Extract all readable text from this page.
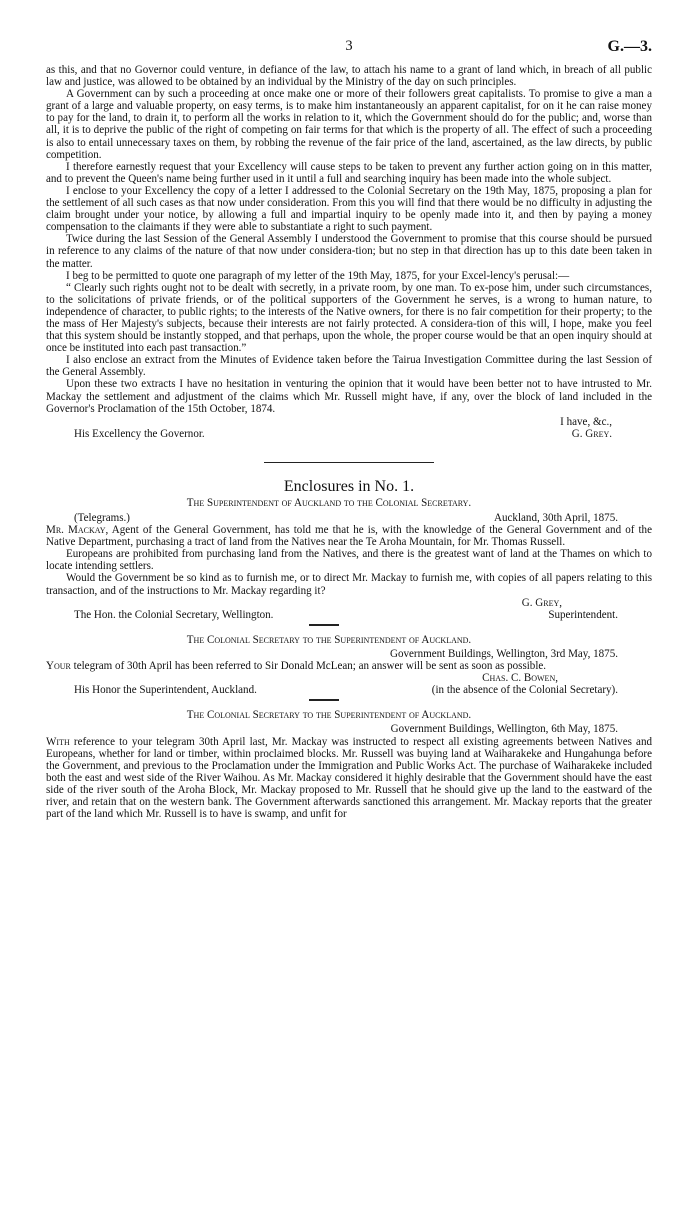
3	G.—3.

as this, and that no Governor could venture, in defiance of the law, to attach his name to a grant of land which, in breach of all public law and justice, was allowed to be obtained by an individual by the Ministry of the day on such principles.

A Government can by such a proceeding at once make one or more of their followers great capitalists. To promise to give a man a grant of a large and valuable property, on easy terms, is to make him instantaneously an apparent capitalist, for on it he can raise money to pay for the land, to drain it, to perform all the works in relation to it, which the Government should do for the public; and, worse than all, it is to deprive the public of the right of competing on fair terms for that which is the property of all. The effect of such a proceeding is also to entail unnecessary taxes on them, by robbing the revenue of the fair price of the land, ascertained, as the law directs, by public competition.

I therefore earnestly request that your Excellency will cause steps to be taken to prevent any further action going on in this matter, and to prevent the Queen's name being further used in it until a full and searching inquiry has been made into the whole subject.

I enclose to your Excellency the copy of a letter I addressed to the Colonial Secretary on the 19th May, 1875, proposing a plan for the settlement of all such cases as that now under consideration. From this you will find that there would be no difficulty in adjusting the claim brought under your notice, by allowing a full and impartial inquiry to be openly made into it, and then by paying a money compensation to the claimants if they were able to substantiate a right to such payment.

Twice during the last Session of the General Assembly I understood the Government to promise that this course should be pursued in reference to any claims of the nature of that now under considera-tion; but no step in that direction has up to this date been taken in the matter.

I beg to be permitted to quote one paragraph of my letter of the 19th May, 1875, for your Excel-lency's perusal:—

“ Clearly such rights ought not to be dealt with secretly, in a private room, by one man. To ex-pose him, under such circumstances, to the solicitations of private friends, or of the political supporters of the Government he serves, is a wrong to human nature, to independence of character, to public rights; to the interests of the Native owners, for there is no fair competition for their property; to the the mass of Her Majesty's subjects, because their interests are not fairly protected. A considera-tion of this will, I hope, make you feel that this system should be instantly stopped, and that perhaps, upon the whole, the proper course would be that an open inquiry should at once be instituted into each past transaction.”

I also enclose an extract from the Minutes of Evidence taken before the Tairua Investigation Committee during the last Session of the General Assembly.

Upon these two extracts I have no hesitation in venturing the opinion that it would have been better not to have intrusted to Mr. Mackay the settlement and adjustment of the claims which Mr. Russell might have, if any, over the block of land included in the Governor's Proclamation of the 15th October, 1874.

I have, &c.,
His Excellency the Governor.	G. Grey.
Enclosures in No. 1.
The Superintendent of Auckland to the Colonial Secretary.
(Telegrams.)	Auckland, 30th April, 1875.

Mr. Mackay, Agent of the General Government, has told me that he is, with the knowledge of the General Government and of the Native Department, purchasing a tract of land from the Natives near the Te Aroha Mountain, for Mr. Thomas Russell.

Europeans are prohibited from purchasing land from the Natives, and there is the greatest want of land at the Thames on which to locate intending settlers.

Would the Government be so kind as to furnish me, or to direct Mr. Mackay to furnish me, with copies of all papers relating to this transaction, and of the instructions to Mr. Mackay regarding it?

G. Grey,
The Hon. the Colonial Secretary, Wellington.	Superintendent.
The Colonial Secretary to the Superintendent of Auckland.
Government Buildings, Wellington, 3rd May, 1875.

Your telegram of 30th April has been referred to Sir Donald McLean; an answer will be sent as soon as possible.

Chas. C. Bowen,
His Honor the Superintendent, Auckland.	(in the absence of the Colonial Secretary).
The Colonial Secretary to the Superintendent of Auckland.
Government Buildings, Wellington, 6th May, 1875.

With reference to your telegram 30th April last, Mr. Mackay was instructed to respect all existing agreements between Natives and Europeans, whether for land or timber, within proclaimed blocks. Mr. Russell was buying land at Waiharakeke and Hungahunga before the Government, and previous to the Proclamation under the Immigration and Public Works Act. The purchase of Waiharakeke included both the east and west side of the River Waihou. As Mr. Mackay considered it highly desirable that the Government should have the east side of the river south of the Aroha Block, Mr. Mackay proposed to Mr. Russell that he should give up the land to the eastward of the river, and retain that on the western bank. The Government afterwards sanctioned this arrangement. Mr. Mackay reports that the greater part of the land which Mr. Russell is to have is swamp, and unfit for
